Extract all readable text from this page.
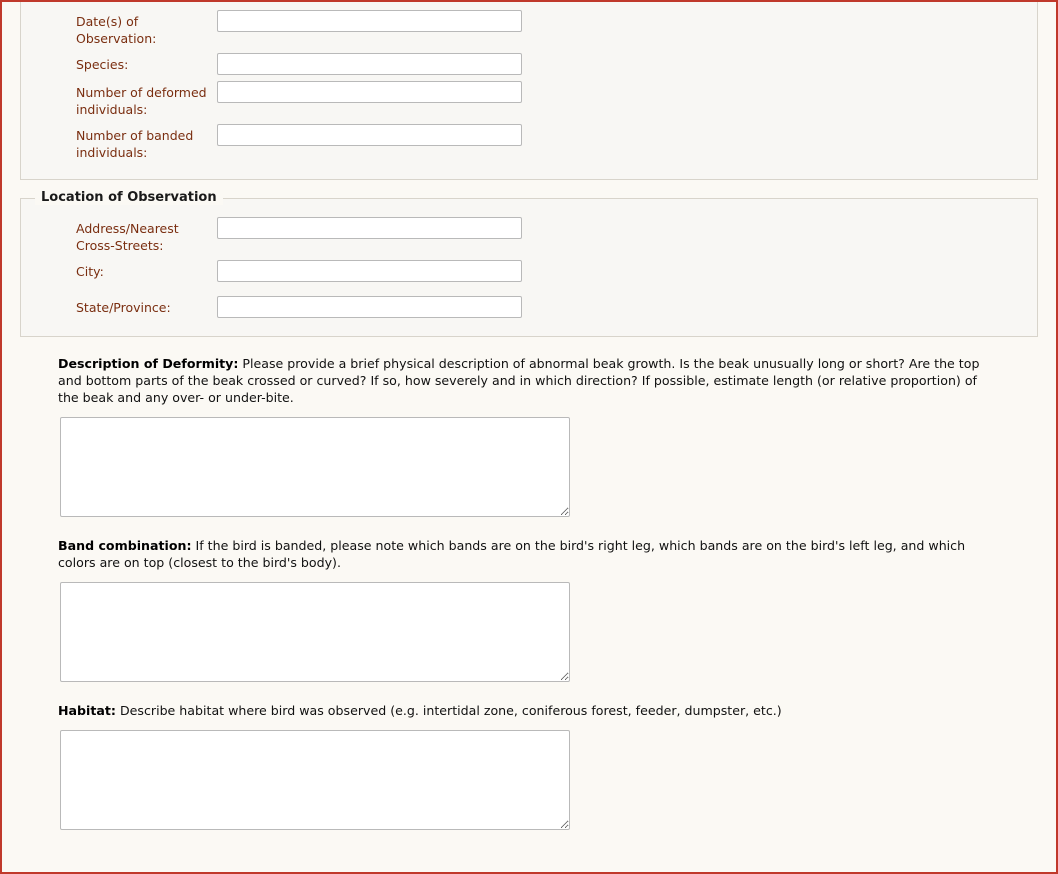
Date(s) of Observation:
Species:
Number of deformed individuals:
Number of banded individuals:
Location of Observation
Address/Nearest Cross-Streets:
City:
State/Province:
Description of Deformity: Please provide a brief physical description of abnormal beak growth. Is the beak unusually long or short? Are the top and bottom parts of the beak crossed or curved? If so, how severely and in which direction? If possible, estimate length (or relative proportion) of the beak and any over- or under-bite.
Band combination: If the bird is banded, please note which bands are on the bird's right leg, which bands are on the bird's left leg, and which colors are on top (closest to the bird's body).
Habitat: Describe habitat where bird was observed (e.g. intertidal zone, coniferous forest, feeder, dumpster, etc.)
